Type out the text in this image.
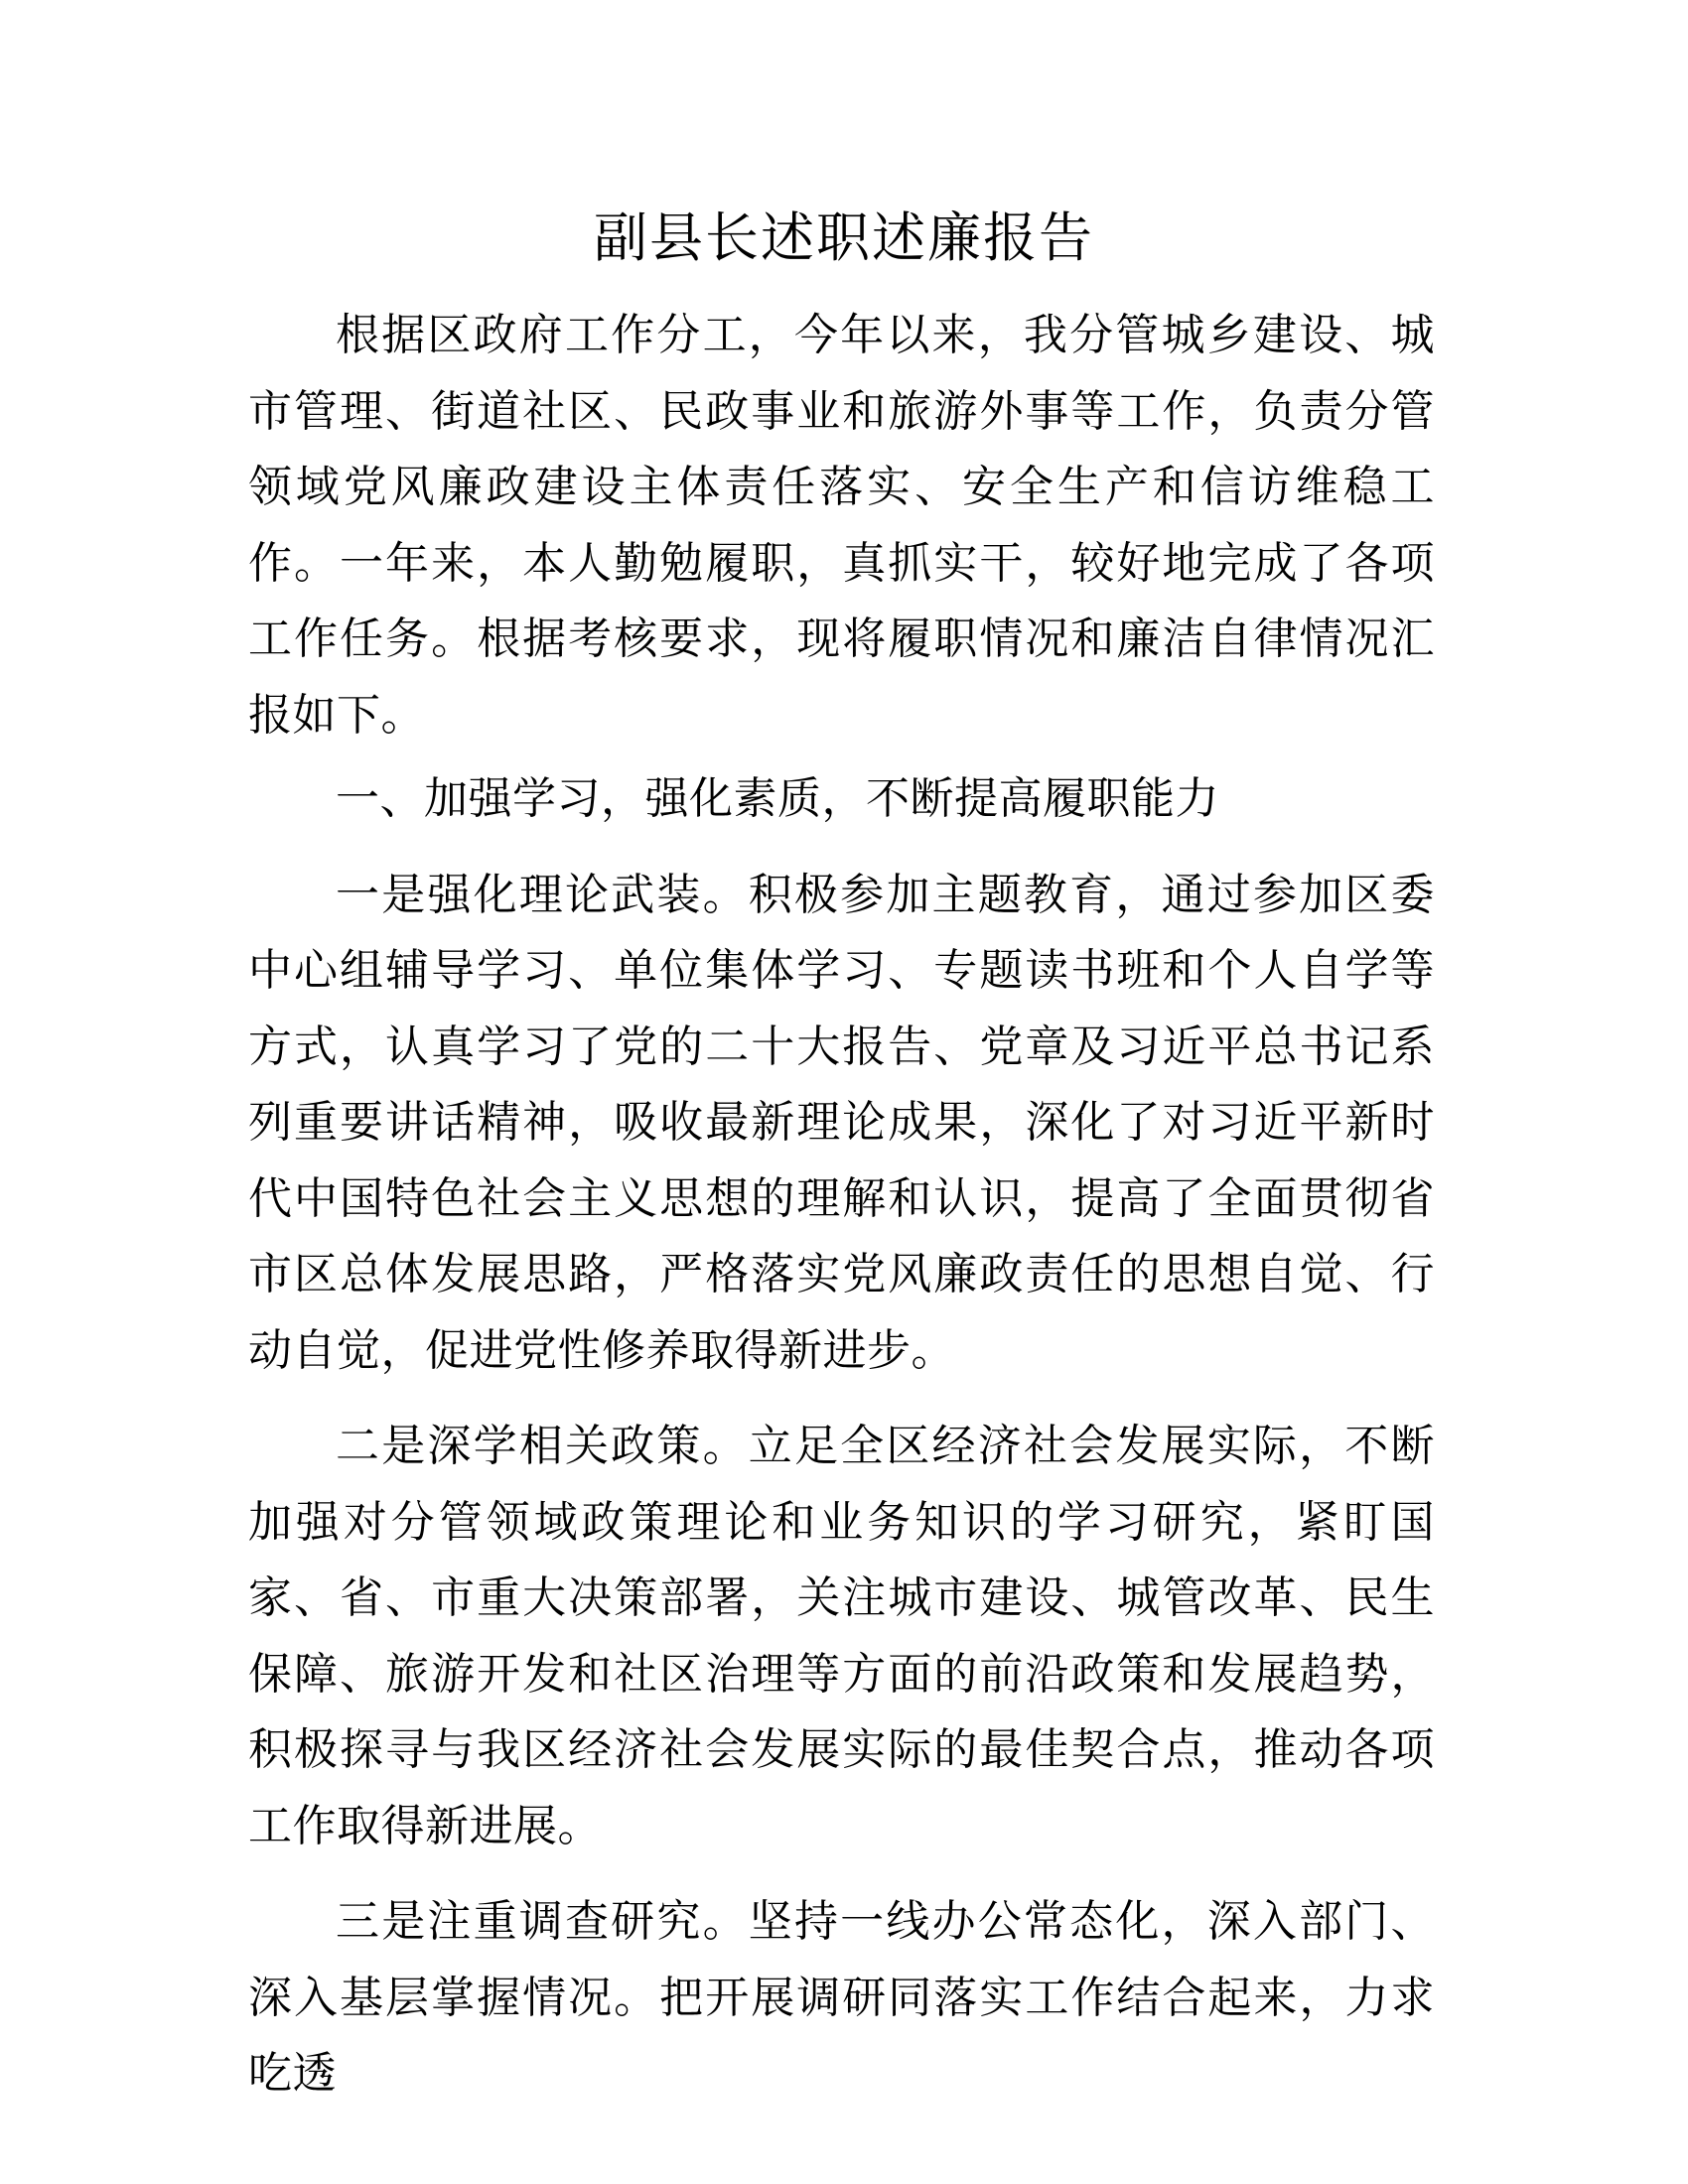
副县长述职述廉报告

根据区政府工作分工，今年以来，我分管城乡建设、城市管理、街道社区、民政事业和旅游外事等工作，负责分管领域党风廉政建设主体责任落实、安全生产和信访维稳工作。一年来，本人勤勉履职，真抓实干，较好地完成了各项工作任务。根据考核要求，现将履职情况和廉洁自律情况汇报如下。

一、加强学习，强化素质，不断提高履职能力

一是强化理论武装。积极参加主题教育，通过参加区委中心组辅导学习、单位集体学习、专题读书班和个人自学等方式，认真学习了党的二十大报告、党章及习近平总书记系列重要讲话精神，吸收最新理论成果，深化了对习近平新时代中国特色社会主义思想的理解和认识，提高了全面贯彻省市区总体发展思路，严格落实党风廉政责任的思想自觉、行动自觉，促进党性修养取得新进步。

二是深学相关政策。立足全区经济社会发展实际，不断加强对分管领域政策理论和业务知识的学习研究，紧盯国家、省、市重大决策部署，关注城市建设、城管改革、民生保障、旅游开发和社区治理等方面的前沿政策和发展趋势，积极探寻与我区经济社会发展实际的最佳契合点，推动各项工作取得新进展。

三是注重调查研究。坚持一线办公常态化，深入部门、深入基层掌握情况。把开展调研同落实工作结合起来，力求吃透
